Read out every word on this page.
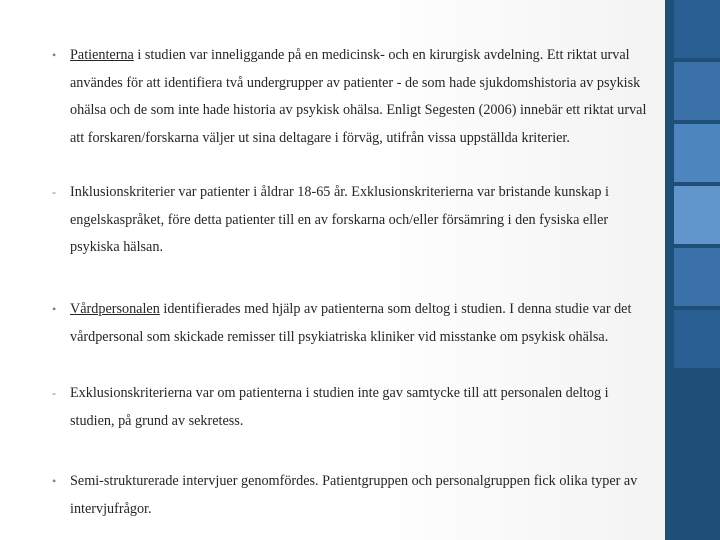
• Patienterna i studien var inneliggande på en medicinsk- och en kirurgisk avdelning. Ett riktat urval användes för att identifiera två undergrupper av patienter - de som hade sjukdomshistoria av psykisk ohälsa och de som inte hade historia av psykisk ohälsa. Enligt Segesten (2006) innebär ett riktat urval att forskaren/forskarna väljer ut sina deltagare i förväg, utifrån vissa uppställda kriterier.
- Inklusionskriterier var patienter i åldrar 18-65 år. Exklusionskriterierna var bristande kunskap i engelskaspråket, före detta patienter till en av forskarna och/eller försämring i den fysiska eller psykiska hälsan.
• Vårdpersonalen identifierades med hjälp av patienterna som deltog i studien. I denna studie var det vårdpersonal som skickade remisser till psykiatriska kliniker vid misstanke om psykisk ohälsa.
- Exklusionskriterierna var om patienterna i studien inte gav samtycke till att personalen deltog i studien, på grund av sekretess.
• Semi-strukturerade intervjuer genomfördes. Patientgruppen och personalgruppen fick olika typer av intervjufrågor.
